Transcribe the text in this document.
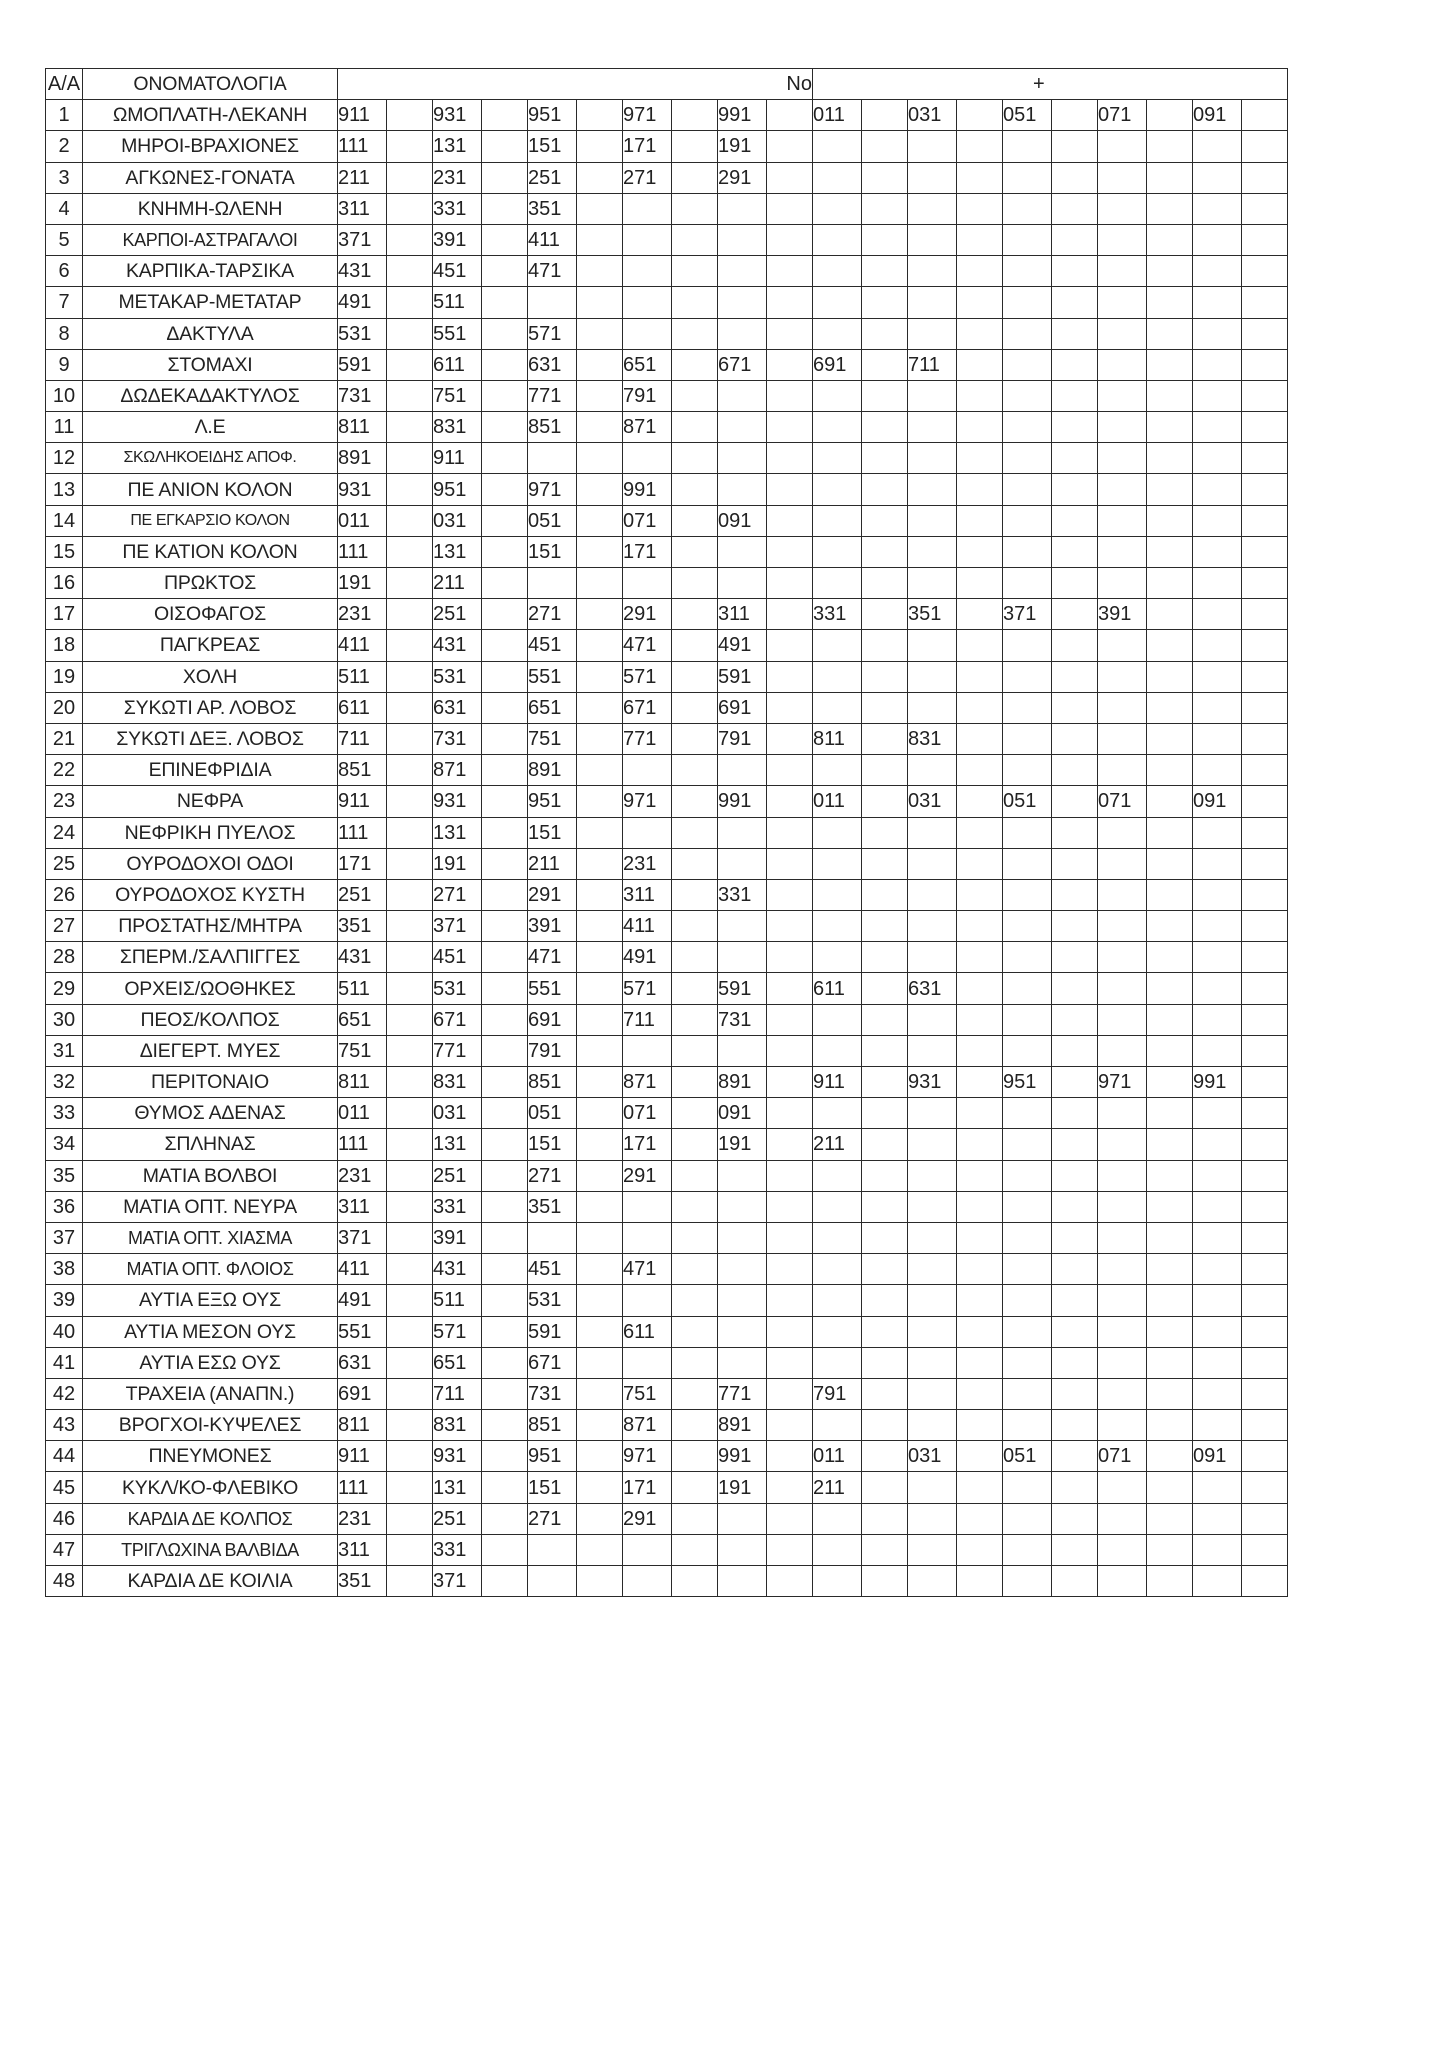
A/A	ΟΝΟΜΑΤΟΛΟΓΙΑ	No										+									
1	ΩΜΟΠΛΑΤΗ-ΛΕΚΑΝΗ	911		931		951		971		991		011		031		051		071		091	
2	ΜΗΡΟΙ-ΒΡΑΧΙΟΝΕΣ	111		131		151		171		191											
3	ΑΓΚΩΝΕΣ-ΓΟΝΑΤΑ	211		231		251		271		291											
4	ΚΝΗΜΗ-ΩΛΕΝΗ	311		331		351															
5	ΚΑΡΠΟΙ-ΑΣΤΡΑΓΑΛΟΙ	371		391		411															
6	ΚΑΡΠΙΚΑ-ΤΑΡΣΙΚΑ	431		451		471															
7	ΜΕΤΑΚΑΡ-ΜΕΤΑΤΑΡ	491		511																	
8	ΔΑΚΤΥΛΑ	531		551		571															
9	ΣΤΟΜΑΧΙ	591		611		631		651		671		691		711							
10	ΔΩΔΕΚΑΔΑΚΤΥΛΟΣ	731		751		771		791													
11	Λ.Ε	811		831		851		871													
12	ΣΚΩΛΗΚΟΕΙΔΗΣ ΑΠΟΦ.	891		911																	
13	ΠΕ ΑΝΙΟΝ ΚΟΛΟΝ	931		951		971		991													
14	ΠΕ ΕΓΚΑΡΣΙΟ ΚΟΛΟΝ	011		031		051		071		091											
15	ΠΕ ΚΑΤΙΟΝ ΚΟΛΟΝ	111		131		151		171													
16	ΠΡΩΚΤΟΣ	191		211																	
17	ΟΙΣΟΦΑΓΟΣ	231		251		271		291		311		331		351		371		391			
18	ΠΑΓΚΡΕΑΣ	411		431		451		471		491											
19	ΧΟΛΗ	511		531		551		571		591											
20	ΣΥΚΩΤΙ ΑΡ. ΛΟΒΟΣ	611		631		651		671		691											
21	ΣΥΚΩΤΙ ΔΕΞ. ΛΟΒΟΣ	711		731		751		771		791		811		831							
22	ΕΠΙΝΕΦΡΙΔΙΑ	851		871		891															
23	ΝΕΦΡΑ	911		931		951		971		991		011		031		051		071		091	
24	ΝΕΦΡΙΚΗ ΠΥΕΛΟΣ	111		131		151															
25	ΟΥΡΟΔΟΧΟΙ ΟΔΟΙ	171		191		211		231													
26	ΟΥΡΟΔΟΧΟΣ ΚΥΣΤΗ	251		271		291		311		331											
27	ΠΡΟΣΤΑΤΗΣ/ΜΗΤΡΑ	351		371		391		411													
28	ΣΠΕΡΜ./ΣΑΛΠΙΓΓΕΣ	431		451		471		491													
29	ΟΡΧΕΙΣ/ΩΟΘΗΚΕΣ	511		531		551		571		591		611		631							
30	ΠΕΟΣ/ΚΟΛΠΟΣ	651		671		691		711		731											
31	ΔΙΕΓΕΡΤ. ΜΥΕΣ	751		771		791															
32	ΠΕΡΙΤΟΝΑΙΟ	811		831		851		871		891		911		931		951		971		991	
33	ΘΥΜΟΣ ΑΔΕΝΑΣ	011		031		051		071		091											
34	ΣΠΛΗΝΑΣ	111		131		151		171		191		211									
35	ΜΑΤΙΑ ΒΟΛΒΟΙ	231		251		271		291													
36	ΜΑΤΙΑ ΟΠΤ. ΝΕΥΡΑ	311		331		351															
37	ΜΑΤΙΑ ΟΠΤ. ΧΙΑΣΜΑ	371		391																	
38	ΜΑΤΙΑ ΟΠΤ. ΦΛΟΙΟΣ	411		431		451		471													
39	ΑΥΤΙΑ ΕΞΩ ΟΥΣ	491		511		531															
40	ΑΥΤΙΑ ΜΕΣΟΝ ΟΥΣ	551		571		591		611													
41	ΑΥΤΙΑ ΕΣΩ ΟΥΣ	631		651		671															
42	ΤΡΑΧΕΙΑ (ΑΝΑΠΝ.)	691		711		731		751		771		791									
43	ΒΡΟΓΧΟΙ-ΚΥΨΕΛΕΣ	811		831		851		871		891											
44	ΠΝΕΥΜΟΝΕΣ	911		931		951		971		991		011		031		051		071		091	
45	ΚΥΚΛ/ΚΟ-ΦΛΕΒΙΚΟ	111		131		151		171		191		211									
46	ΚΑΡΔΙΑ ΔΕ ΚΟΛΠΟΣ	231		251		271		291													
47	ΤΡΙΓΛΩΧΙΝΑ ΒΑΛΒΙΔΑ	311		331																	
48	ΚΑΡΔΙΑ ΔΕ ΚΟΙΛΙΑ	351		371																	
